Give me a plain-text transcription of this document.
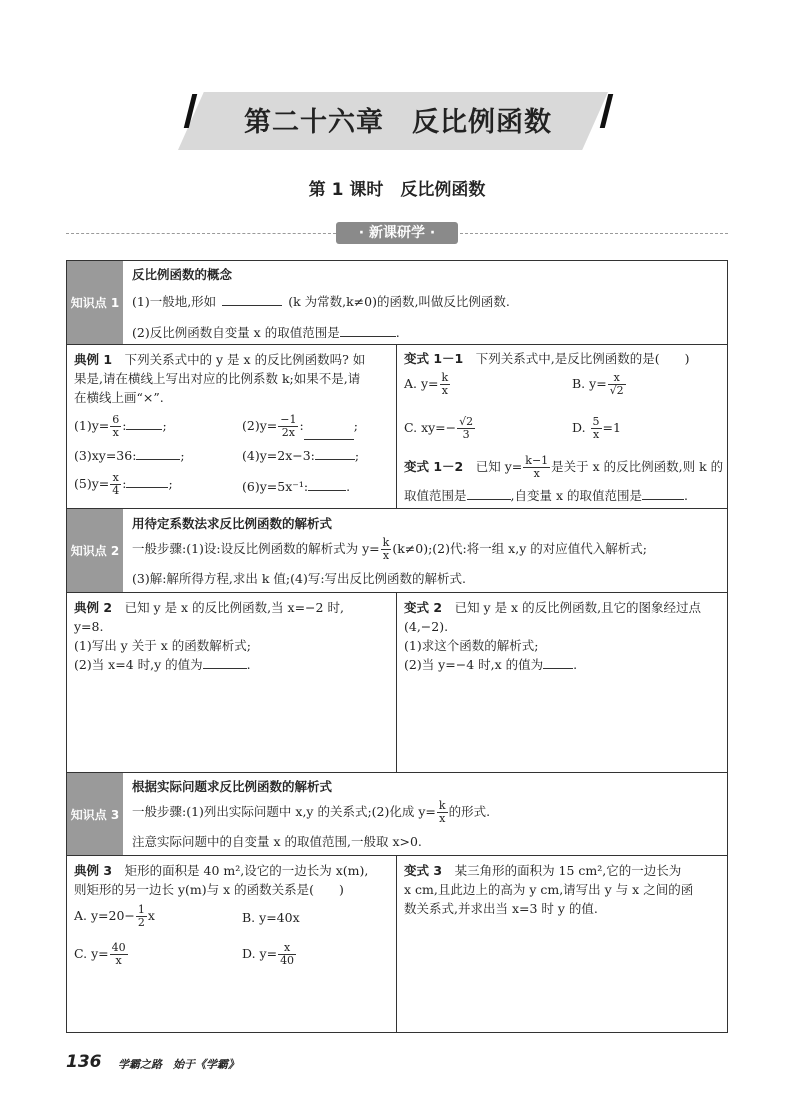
第二十六章　反比例函数
第 1 课时　反比例函数
· 新课研学 ·
知识点 1
反比例函数的概念
(1)一般地,形如	(k 为常数,k≠0)的函数,叫做反比例函数.
(2)反比例函数自变量 x 的取值范围是	.
典例 1　 下列关系式中的 y 是 x 的反比例函数吗? 如
果是,请在横线上写出对应的比例系数 k;如果不是,请
在横线上画“×”.
$(1)y= \frac{6}{x}$ :	;	$(2)y= \frac{-1}{2x}$ :	;
(3)xy=36:	;	(4)y=2x−3:	;
$(5)y= \frac{x}{4}$ :	;	(6)y=5x⁻¹:	.
变式 1－1　 下列关系式中,是反比例函数的是(　　)
A. $y= \frac{k}{x}$	B. $y= \frac{x}{√2}$
C. $xy=- \frac{√2}{3}$	D. $\frac{5}{x} =1$
变式 1－2　 已知 $y= \frac{k-1}{x}$ 是关于 x 的反比例函数,则 k 的
取值范围是	,自变量 x 的取值范围是	.
知识点 2
用待定系数法求反比例函数的解析式
一般步骤:(1)设:设反比例函数的解析式为 $y= \frac{k}{x}$ (k≠0);(2)代:将一组 x,y 的对应值代入解析式;
(3)解:解所得方程,求出 k 值;(4)写:写出反比例函数的解析式.
典例 2　 已知 y 是 x 的反比例函数,当 x=−2 时,
y=8.
(1)写出 y 关于 x 的函数解析式;
(2)当 x=4 时,y 的值为	.
变式 2　 已知 y 是 x 的反比例函数,且它的图象经过点
(4,−2).
(1)求这个函数的解析式;
(2)当 y=−4 时,x 的值为 .
知识点 3
根据实际问题求反比例函数的解析式
一般步骤:(1)列出实际问题中 x,y 的关系式;(2)化成 $y= \frac{k}{x}$ 的形式.
注意实际问题中的自变量 x 的取值范围,一般取 x>0.
典例 3　 矩形的面积是 40 m²,设它的一边长为 x(m),
则矩形的另一边长 y(m)与 x 的函数关系是(　　)
A. $y=20- \frac{1}{2}$ x	B. y=40x
C. $y= \frac{40}{x}$	D. $y= \frac{x}{40}$
变式 3　 某三角形的面积为 15 cm²,它的一边长为
x cm,且此边上的高为 y cm,请写出 y 与 x 之间的函
数关系式,并求出当 x=3 时 y 的值.
136 学霸之路　始于《学霸》
